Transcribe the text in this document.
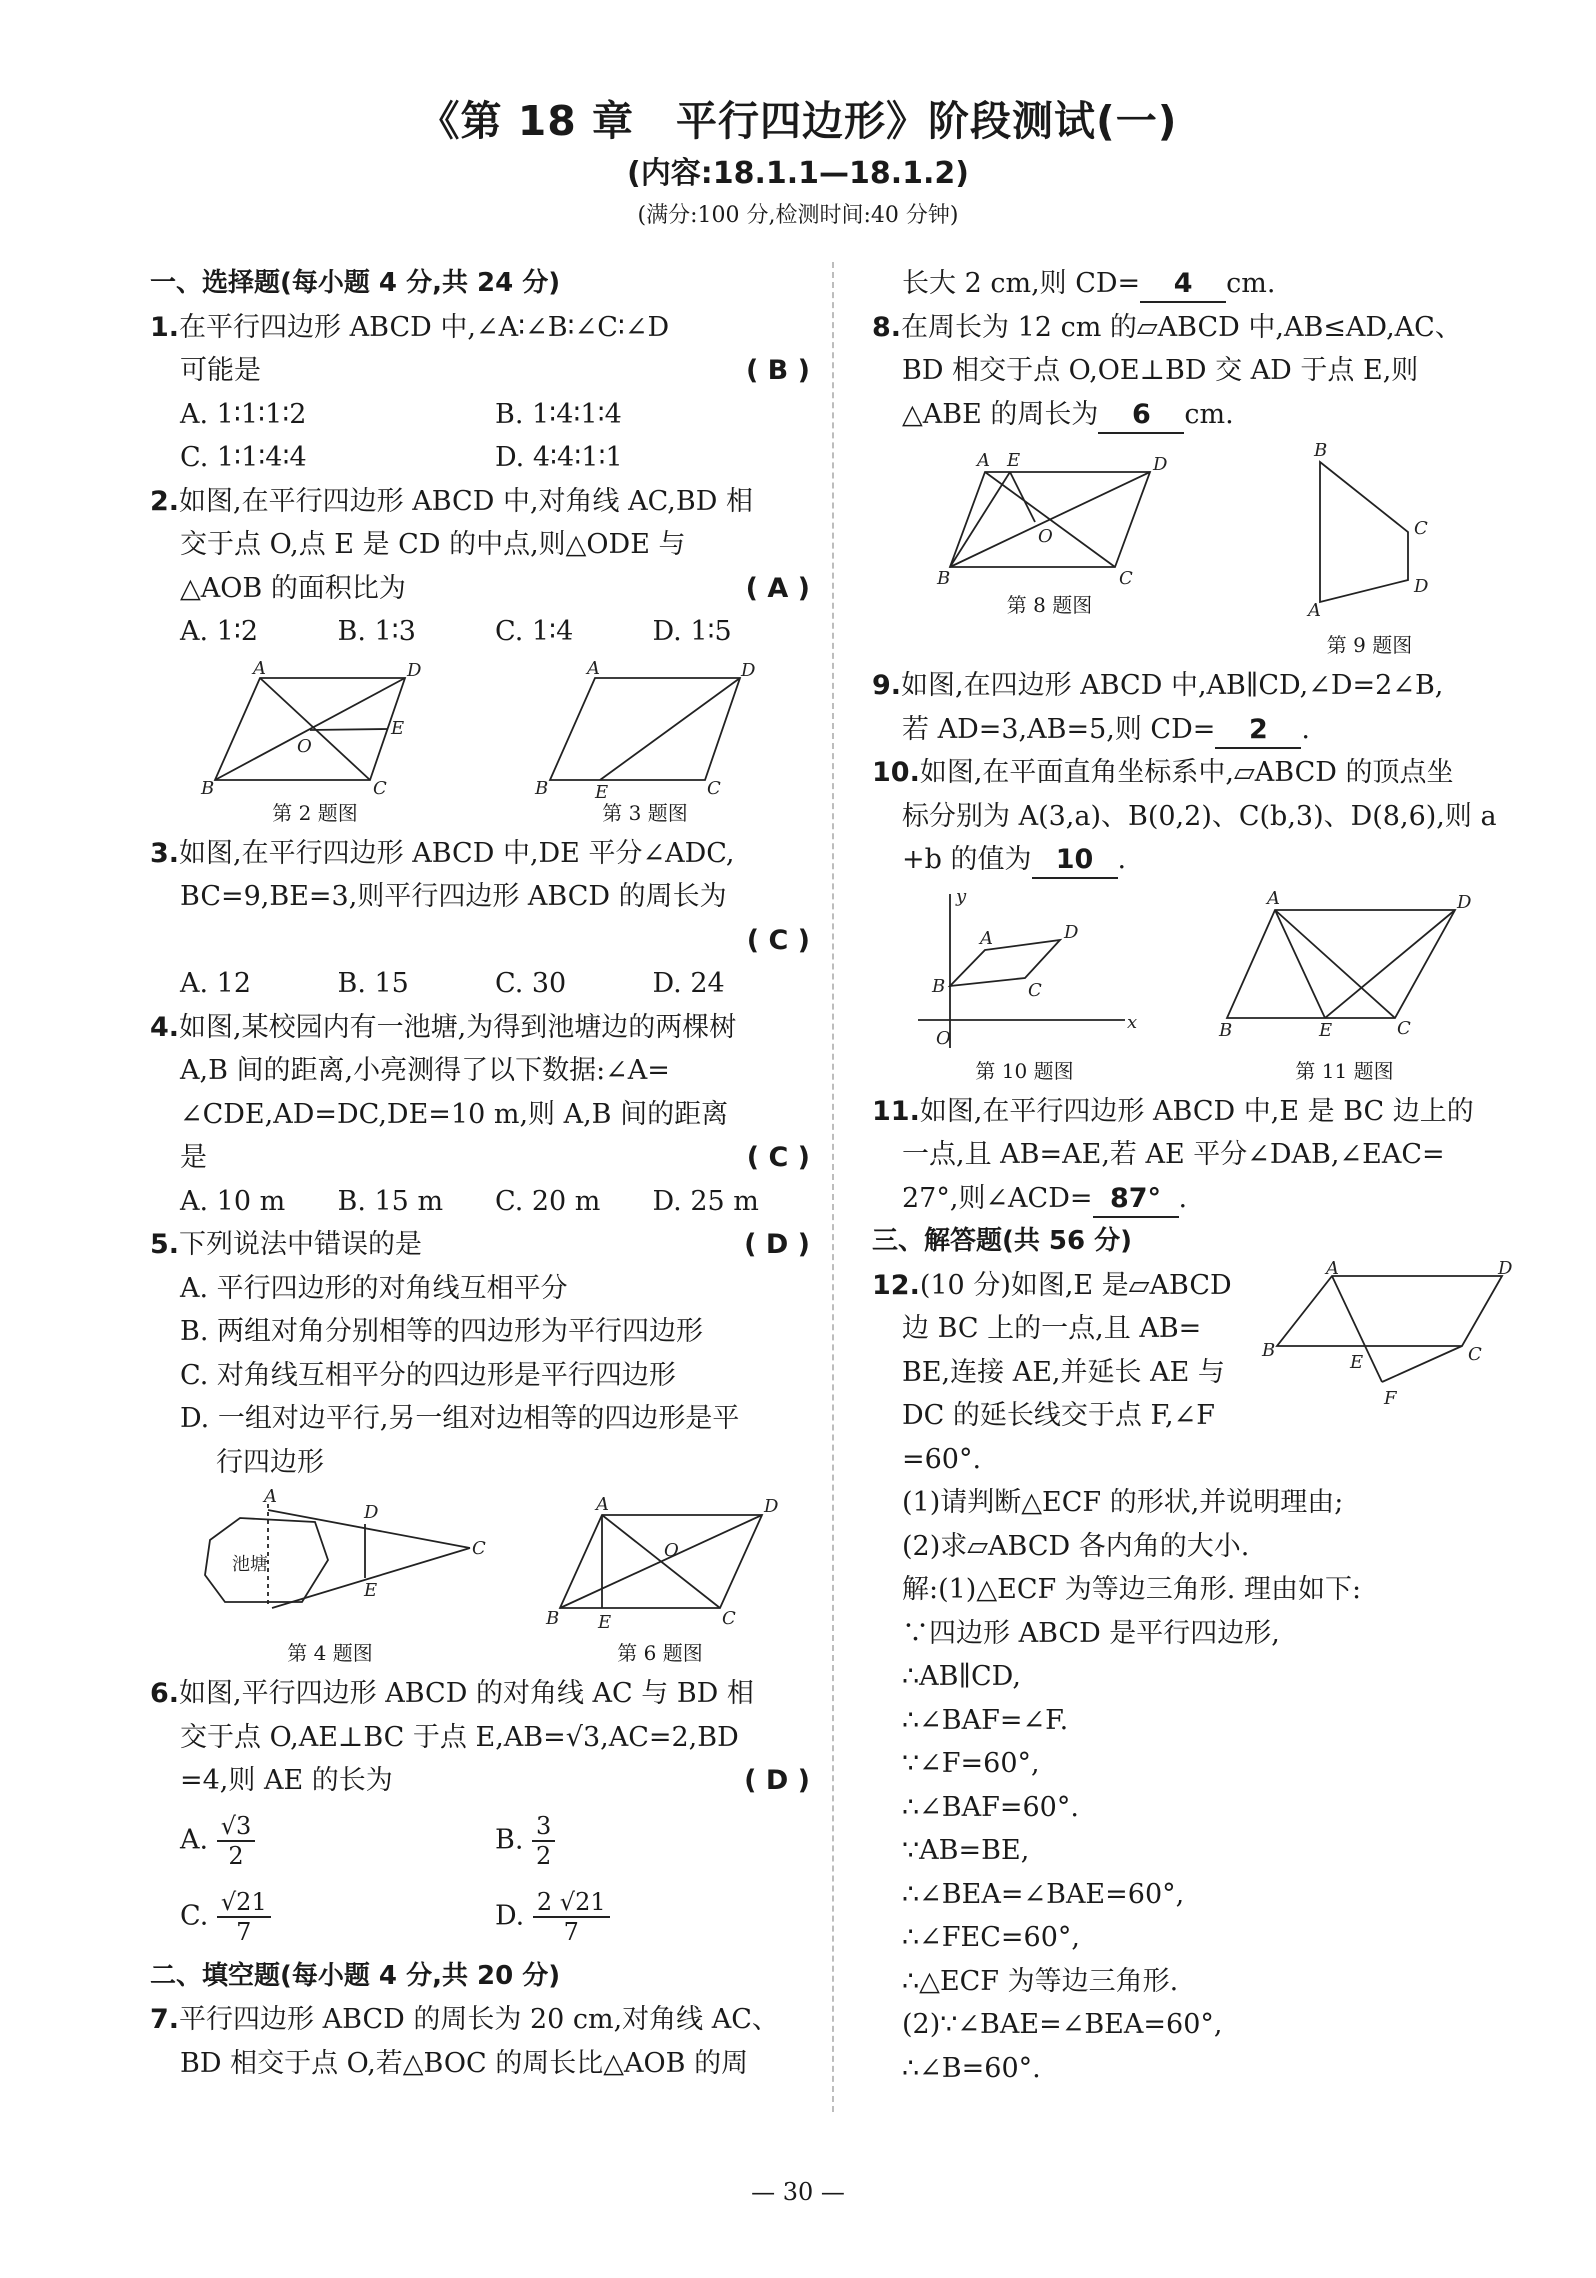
《第 18 章　平行四边形》阶段测试(一)
(内容:18.1.1—18.1.2)
(满分:100 分,检测时间:40 分钟)
一、选择题(每小题 4 分,共 24 分)
1.在平行四边形 ABCD 中,∠A∶∠B∶∠C∶∠D
可能是	( B )
A. 1∶1∶1∶2	B. 1∶4∶1∶4
C. 1∶1∶4∶4	D. 4∶4∶1∶1
2.如图,在平行四边形 ABCD 中,对角线 AC,BD 相
交于点 O,点 E 是 CD 的中点,则△ODE 与
△AOB 的面积比为	( A )
A. 1∶2	B. 1∶3	C. 1∶4	D. 1∶5
A	D
B	C
E
O
第 2 题图
A	D
B	E	C
第 3 题图
3.如图,在平行四边形 ABCD 中,DE 平分∠ADC,
BC=9,BE=3,则平行四边形 ABCD 的周长为
( C )
A. 12	B. 15	C. 30	D. 24
4.如图,某校园内有一池塘,为得到池塘边的两棵树
A,B 间的距离,小亮测得了以下数据:∠A=
∠CDE,AD=DC,DE=10 m,则 A,B 间的距离
是	( C )
A. 10 m	B. 15 m	C. 20 m	D. 25 m
5.下列说法中错误的是	( D )
A. 平行四边形的对角线互相平分
B. 两组对角分别相等的四边形为平行四边形
C. 对角线互相平分的四边形是平行四边形
D. 一组对边平行,另一组对边相等的四边形是平
行四边形
池塘
A
D
C
E
第 4 题图
A	D
B E	C
O
第 6 题图
6.如图,平行四边形 ABCD 的对角线 AC 与 BD 相
交于点 O,AE⊥BC 于点 E,AB=√3,AC=2,BD
=4,则 AE 的长为	( D )
A. $\frac{√3}{2}$	B. $\frac{3}{2}$
C. $\frac{√21}{7}$	D. $\frac{2 √21}{7}$
二、填空题(每小题 4 分,共 20 分)
7.平行四边形 ABCD 的周长为 20 cm,对角线 AC、
BD 相交于点 O,若△BOC 的周长比△AOB 的周
长大 2 cm,则 CD= 4 cm.
8.在周长为 12 cm 的▱ABCD 中,AB≤AD,AC、
BD 相交于点 O,OE⊥BD 交 AD 于点 E,则
△ABE 的周长为 6 cm.
A E	D
B	C
O
第 8 题图
B
C
D
A
第 9 题图
9.如图,在四边形 ABCD 中,AB∥CD,∠D=2∠B,
若 AD=3,AB=5,则 CD= 2 .
10.如图,在平面直角坐标系中,▱ABCD 的顶点坐
标分别为 A(3,a)、B(0,2)、C(b,3)、D(8,6),则 a
+b 的值为 10 .
x
y
O
A	D
B	C
第 10 题图
A	D
B	E	C
第 11 题图
11.如图,在平行四边形 ABCD 中,E 是 BC 边上的
一点,且 AB=AE,若 AE 平分∠DAB,∠EAC=
27°,则∠ACD= 87° .
三、解答题(共 56 分)
A	D
B
E	C
F
12.(10 分)如图,E 是▱ABCD
边 BC 上的一点,且 AB=
BE,连接 AE,并延长 AE 与
DC 的延长线交于点 F,∠F
=60°.
(1)请判断△ECF 的形状,并说明理由;
(2)求▱ABCD 各内角的大小.
解:(1)△ECF 为等边三角形. 理由如下:
∵四边形 ABCD 是平行四边形,
∴AB∥CD,
∴∠BAF=∠F.
∵∠F=60°,
∴∠BAF=60°.
∵AB=BE,
∴∠BEA=∠BAE=60°,
∴∠FEC=60°,
∴△ECF 为等边三角形.
(2)∵∠BAE=∠BEA=60°,
∴∠B=60°.
— 30 —
